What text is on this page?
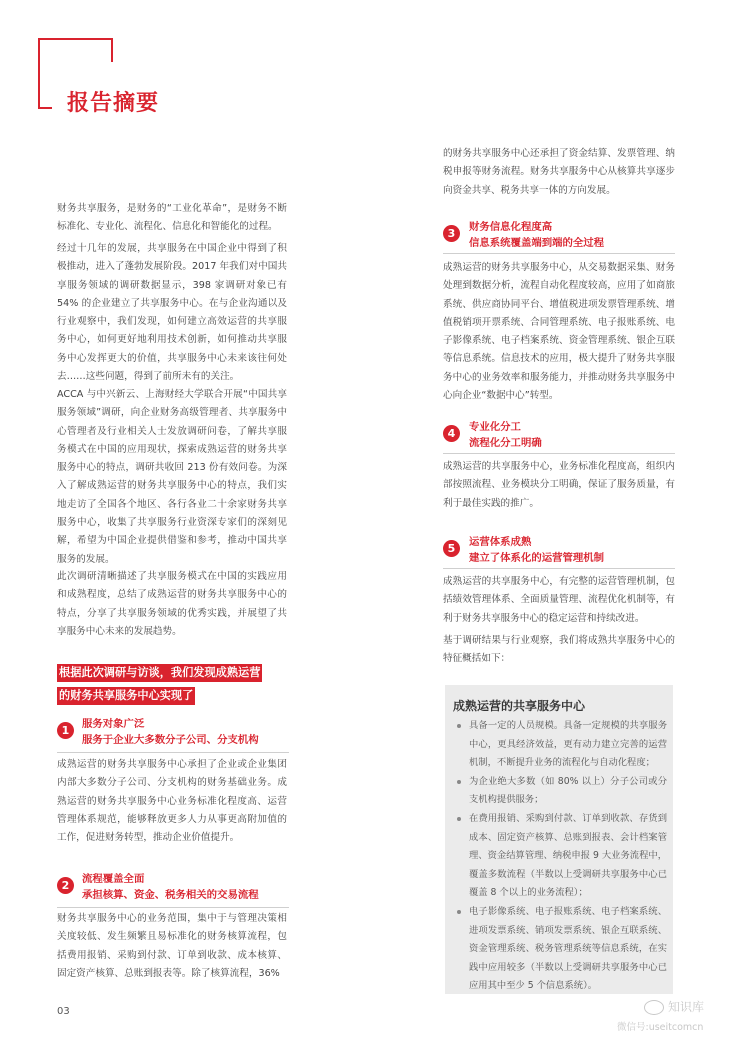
报告摘要

财务共享服务，是财务的“工业化革命”，是财务不断标准化、专业化、流程化、信息化和智能化的过程。

经过十几年的发展，共享服务在中国企业中得到了积极推动，进入了蓬勃发展阶段。2017 年我们对中国共享服务领域的调研数据显示，398 家调研对象已有 54% 的企业建立了共享服务中心。在与企业沟通以及行业观察中，我们发现，如何建立高效运营的共享服务中心，如何更好地利用技术创新，如何推动共享服务中心发挥更大的价值，共享服务中心未来该往何处去……这些问题，得到了前所未有的关注。

ACCA 与中兴新云、上海财经大学联合开展“中国共享服务领域”调研，向企业财务高级管理者、共享服务中心管理者及行业相关人士发放调研问卷，了解共享服务模式在中国的应用现状，探索成熟运营的财务共享服务中心的特点，调研共收回 213 份有效问卷。为深入了解成熟运营的财务共享服务中心的特点，我们实地走访了全国各个地区、各行各业二十余家财务共享服务中心，收集了共享服务行业资深专家们的深刻见解，希望为中国企业提供借鉴和参考，推动中国共享服务的发展。

此次调研清晰描述了共享服务模式在中国的实践应用和成熟程度，总结了成熟运营的财务共享服务中心的特点，分享了共享服务领域的优秀实践，并展望了共享服务中心未来的发展趋势。

根据此次调研与访谈，我们发现成熟运营
的财务共享服务中心实现了
1	服务对象广泛
服务于企业大多数分子公司、分支机构

成熟运营的财务共享服务中心承担了企业或企业集团内部大多数分子公司、分支机构的财务基础业务。成熟运营的财务共享服务中心业务标准化程度高、运营管理体系规范，能够释放更多人力从事更高附加值的工作，促进财务转型，推动企业价值提升。

2	流程覆盖全面
承担核算、资金、税务相关的交易流程

财务共享服务中心的业务范围，集中于与管理决策相关度较低、发生频繁且易标准化的财务核算流程，包括费用报销、采购到付款、订单到收款、成本核算、固定资产核算、总账到报表等。除了核算流程，36%

的财务共享服务中心还承担了资金结算、发票管理、纳税申报等财务流程。财务共享服务中心从核算共享逐步向资金共享、税务共享一体的方向发展。

3	财务信息化程度高
信息系统覆盖端到端的全过程

成熟运营的财务共享服务中心，从交易数据采集、财务处理到数据分析，流程自动化程度较高，应用了如商旅系统、供应商协同平台、增值税进项发票管理系统、增值税销项开票系统、合同管理系统、电子报账系统、电子影像系统、电子档案系统、资金管理系统、银企互联等信息系统。信息技术的应用，极大提升了财务共享服务中心的业务效率和服务能力，并推动财务共享服务中心向企业“数据中心”转型。

4	专业化分工
流程化分工明确

成熟运营的共享服务中心，业务标准化程度高，组织内部按照流程、业务模块分工明确，保证了服务质量，有利于最佳实践的推广。

5	运营体系成熟
建立了体系化的运营管理机制

成熟运营的共享服务中心，有完整的运营管理机制，包括绩效管理体系、全面质量管理、流程优化机制等，有利于财务共享服务中心的稳定运营和持续改进。

基于调研结果与行业观察，我们将成熟共享服务中心的特征概括如下：

成熟运营的共享服务中心
具备一定的人员规模。具备一定规模的共享服务中心，更具经济效益，更有动力建立完善的运营机制，不断提升业务的流程化与自动化程度；
为企业绝大多数（如 80% 以上）分子公司或分支机构提供服务；
在费用报销、采购到付款、订单到收款、存货到成本、固定资产核算、总账到报表、会计档案管理、资金结算管理、纳税申报 9 大业务流程中，覆盖多数流程（半数以上受调研共享服务中心已覆盖 8 个以上的业务流程）；
电子影像系统、电子报账系统、电子档案系统、进项发票系统、销项发票系统、银企互联系统、资金管理系统、税务管理系统等信息系统，在实践中应用较多（半数以上受调研共享服务中心已应用其中至少 5 个信息系统）。
03	知识库
微信号:useitcomcn
